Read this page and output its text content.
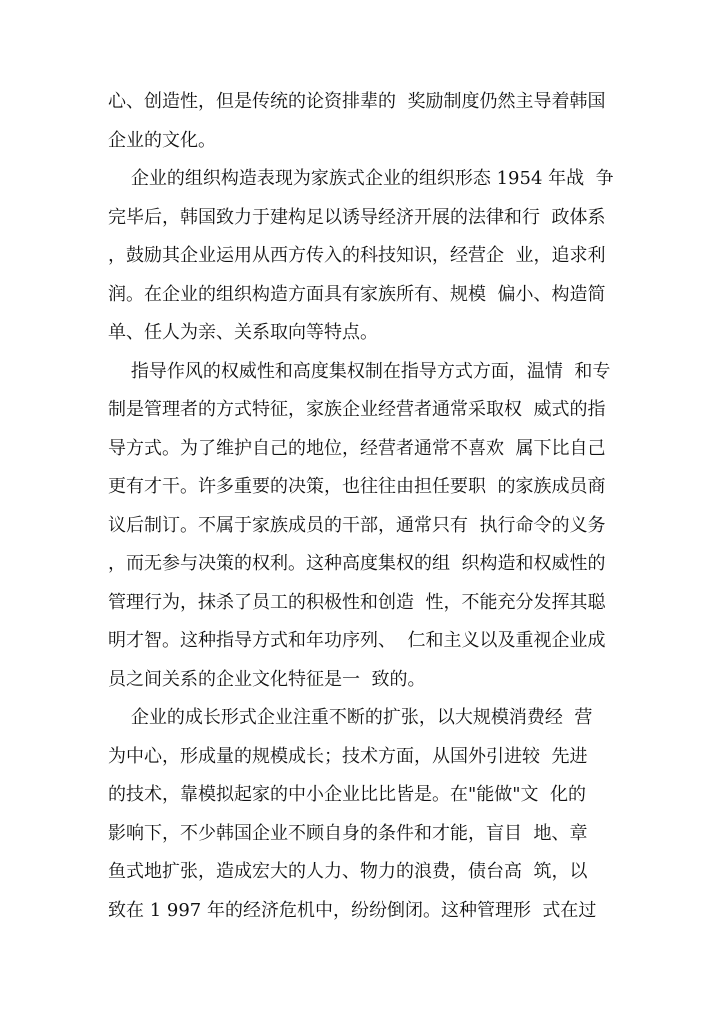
心、创造性，但是传统的论资排辈的  奖励制度仍然主导着韩国
企业的文化。
企业的组织构造表现为家族式企业的组织形态 1954 年战  争
完毕后，韩国致力于建构足以诱导经济开展的法律和行  政体系
，鼓励其企业运用从西方传入的科技知识，经营企  业，追求利
润。在企业的组织构造方面具有家族所有、规模  偏小、构造简
单、任人为亲、关系取向等特点。
指导作风的权威性和高度集权制在指导方式方面，温情  和专
制是管理者的方式特征，家族企业经营者通常采取权  威式的指
导方式。为了维护自己的地位，经营者通常不喜欢  属下比自己
更有才干。许多重要的决策，也往往由担任要职  的家族成员商
议后制订。不属于家族成员的干部，通常只有  执行命令的义务
，而无参与决策的权利。这种高度集权的组  织构造和权威性的
管理行为，抹杀了员工的积极性和创造  性，不能充分发挥其聪
明才智。这种指导方式和年功序列、  仁和主义以及重视企业成
员之间关系的企业文化特征是一  致的。
企业的成长形式企业注重不断的扩张，以大规模消费经  营
为中心，形成量的规模成长；技术方面，从国外引进较  先进
的技术，靠模拟起家的中小企业比比皆是。在"能做"文  化的
影响下，不少韩国企业不顾自身的条件和才能，盲目  地、章
鱼式地扩张，造成宏大的人力、物力的浪费，债台高  筑，以
致在 1 997 年的经济危机中，纷纷倒闭。这种管理形  式在过
